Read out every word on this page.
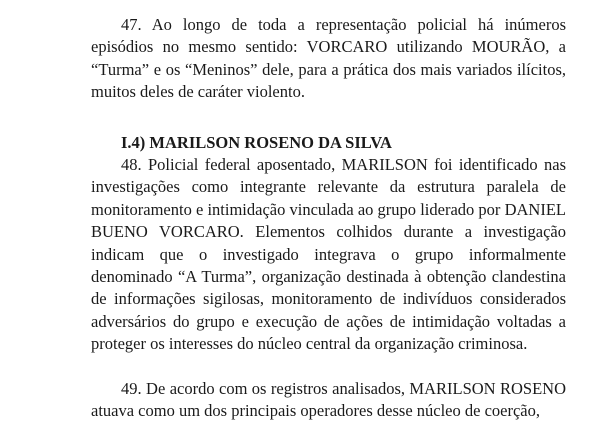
47. Ao longo de toda a representação policial há inúmeros episódios no mesmo sentido: VORCARO utilizando MOURÃO, a “Turma” e os “Meninos” dele, para a prática dos mais variados ilícitos, muitos deles de caráter violento.

I.4) MARILSON ROSENO DA SILVA

48. Policial federal aposentado, MARILSON foi identificado nas investigações como integrante relevante da estrutura paralela de monitoramento e intimidação vinculada ao grupo liderado por DANIEL BUENO VORCARO. Elementos colhidos durante a investigação indicam que o investigado integrava o grupo informalmente denominado “A Turma”, organização destinada à obtenção clandestina de informações sigilosas, monitoramento de indivíduos considerados adversários do grupo e execução de ações de intimidação voltadas a proteger os interesses do núcleo central da organização criminosa.

49. De acordo com os registros analisados, MARILSON ROSENO atuava como um dos principais operadores desse núcleo de coerção,
